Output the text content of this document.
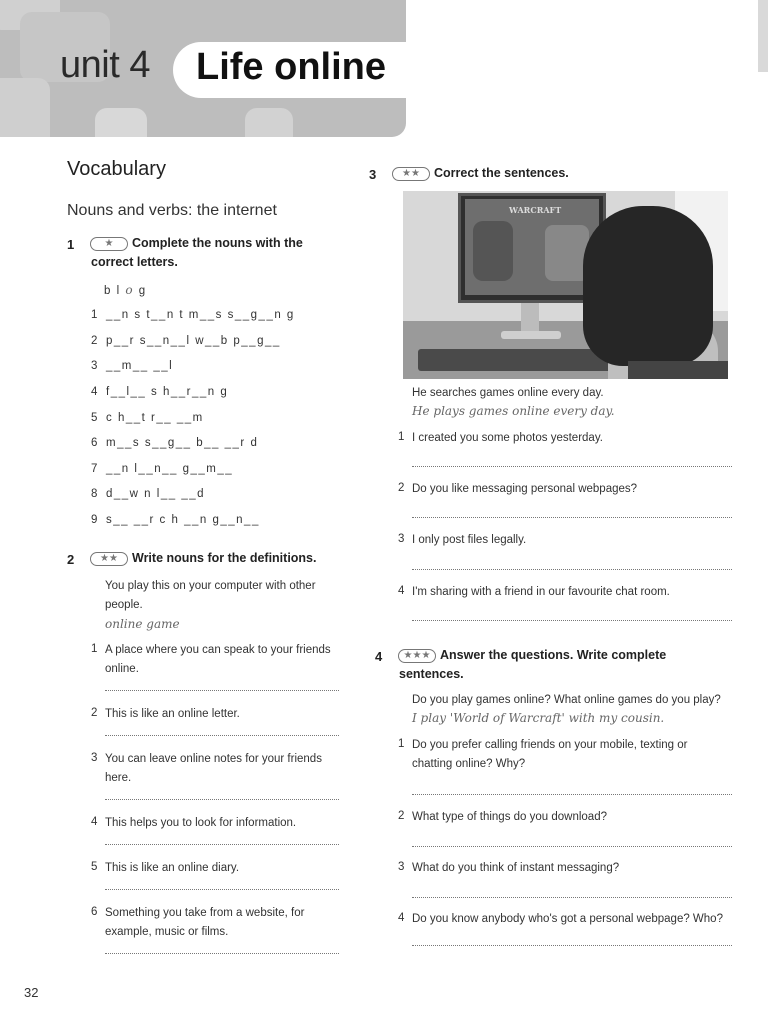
unit 4 Life online
Vocabulary
Nouns and verbs: the internet
1	★	Complete the nouns with the
correct letters.
b l o g
1 __n s t__n t m__s s__g__n g
2 p__r s__n__l w__b p__g__
3 __m__ __l
4 f__l__ s h__r__n g
5 c h__t r__ __m
6 m__s s__g__ b__ __r d
7 __n l__n__ g__m__
8 d__w n l__ __d
9 s__ __r c h __n g__n__
2	★★	Write nouns for the definitions.
You play this on your computer with other
people.
online game
1 A place where you can speak to your friends
online.
2 This is like an online letter.
3 You can leave online notes for your friends
here.
4 This helps you to look for information.
5 This is like an online diary.
6 Something you take from a website, for
example, music or films.
3	★★	Correct the sentences.
WARCRAFT
He searches games online every day.
He plays games online every day.
1 I created you some photos yesterday.
2 Do you like messaging personal webpages?
3 I only post files legally.
4 I'm sharing with a friend in our favourite chat room.
4	★★★ Answer the questions. Write complete
sentences.
Do you play games online? What online games do you play?
I play 'World of Warcraft' with my cousin.
1 Do you prefer calling friends on your mobile, texting or
chatting online? Why?
2 What type of things do you download?
3 What do you think of instant messaging?
4 Do you know anybody who's got a personal webpage? Who?
32
